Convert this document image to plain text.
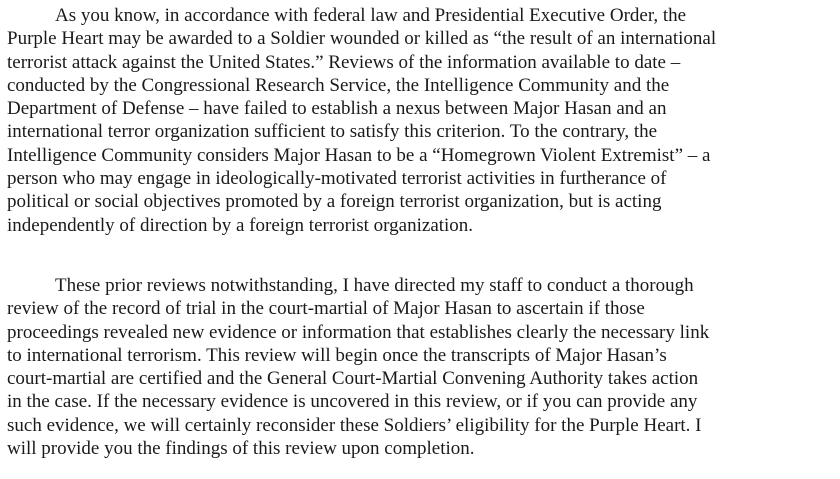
As you know, in accordance with federal law and Presidential Executive Order, the
Purple Heart may be awarded to a Soldier wounded or killed as “the result of an international
terrorist attack against the United States.” Reviews of the information available to date –
conducted by the Congressional Research Service, the Intelligence Community and the
Department of Defense – have failed to establish a nexus between Major Hasan and an
international terror organization sufficient to satisfy this criterion. To the contrary, the
Intelligence Community considers Major Hasan to be a “Homegrown Violent Extremist” – a
person who may engage in ideologically-motivated terrorist activities in furtherance of
political or social objectives promoted by a foreign terrorist organization, but is acting
independently of direction by a foreign terrorist organization.

These prior reviews notwithstanding, I have directed my staff to conduct a thorough
review of the record of trial in the court-martial of Major Hasan to ascertain if those
proceedings revealed new evidence or information that establishes clearly the necessary link
to international terrorism. This review will begin once the transcripts of Major Hasan’s
court-martial are certified and the General Court-Martial Convening Authority takes action
in the case. If the necessary evidence is uncovered in this review, or if you can provide any
such evidence, we will certainly reconsider these Soldiers’ eligibility for the Purple Heart. I
will provide you the findings of this review upon completion.
